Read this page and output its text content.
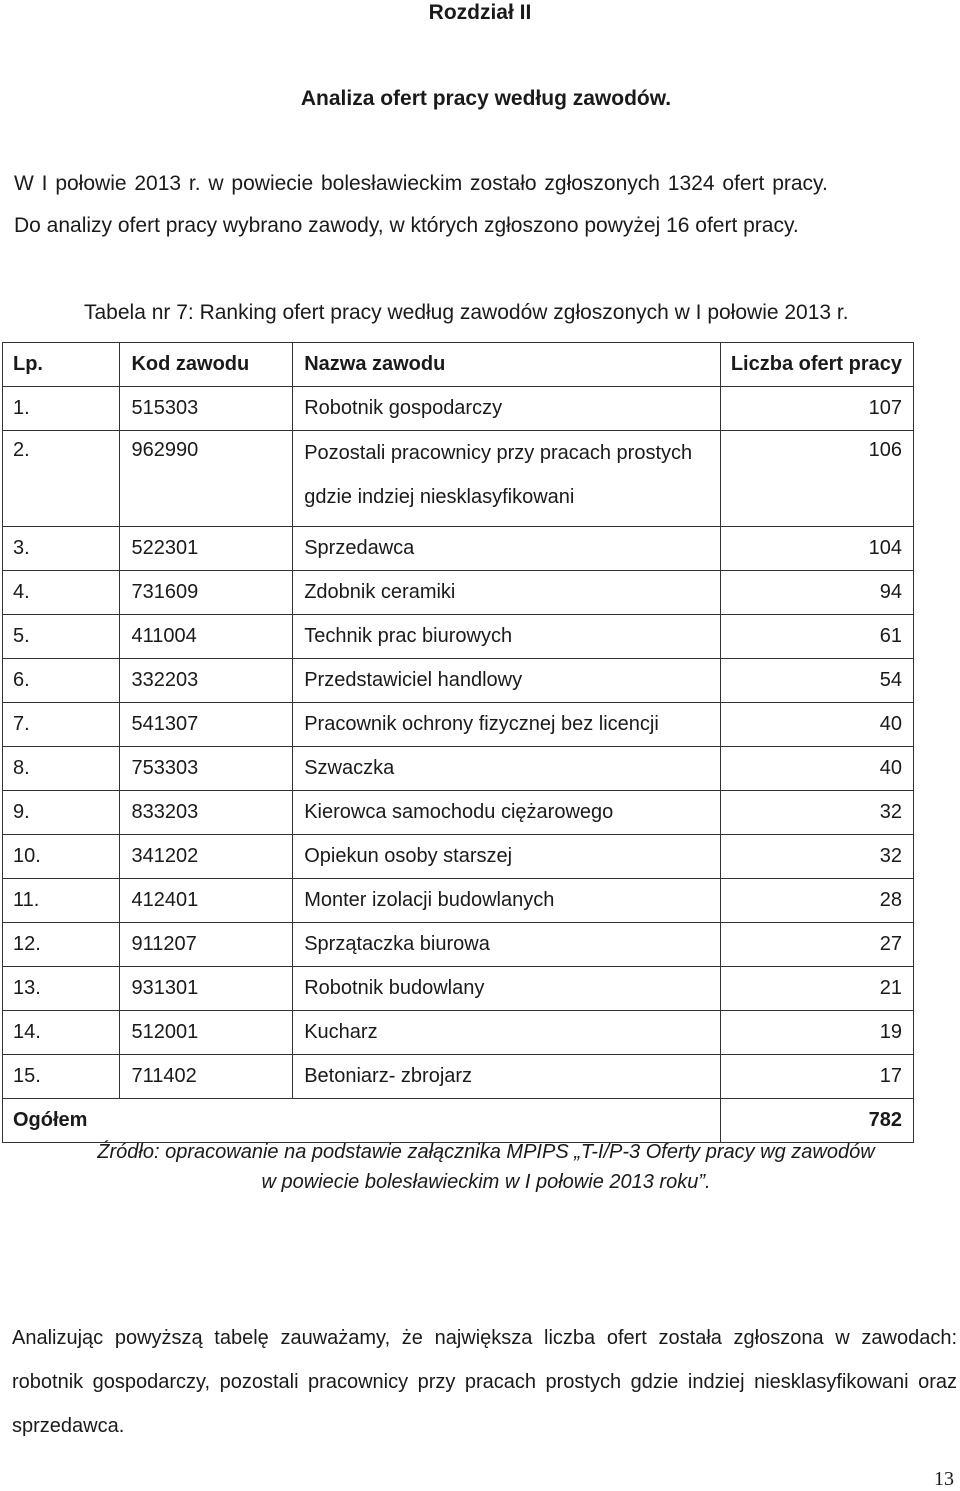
Rozdział II
Analiza ofert pracy według zawodów.
W I połowie 2013 r. w powiecie bolesławieckim zostało zgłoszonych 1324 ofert pracy.
Do analizy ofert pracy wybrano zawody, w których zgłoszono powyżej 16 ofert pracy.
Tabela nr 7: Ranking ofert pracy według zawodów zgłoszonych w I połowie 2013 r.
Lp.	Kod zawodu	Nazwa zawodu	Liczba ofert pracy
1.	515303	Robotnik gospodarczy	107
2.	962990	Pozostali pracownicy przy pracach prostych gdzie indziej niesklasyfikowani	106
3.	522301	Sprzedawca	104
4.	731609	Zdobnik ceramiki	94
5.	411004	Technik prac biurowych	61
6.	332203	Przedstawiciel handlowy	54
7.	541307	Pracownik ochrony fizycznej bez licencji	40
8.	753303	Szwaczka	40
9.	833203	Kierowca samochodu ciężarowego	32
10.	341202	Opiekun osoby starszej	32
11.	412401	Monter izolacji budowlanych	28
12.	911207	Sprzątaczka biurowa	27
13.	931301	Robotnik budowlany	21
14.	512001	Kucharz	19
15.	711402	Betoniarz- zbrojarz	17
Ogółem			782
Źródło: opracowanie na podstawie załącznika MPIPS „T-I/P-3 Oferty pracy wg zawodów
w powiecie bolesławieckim w I połowie 2013 roku”.
Analizując powyższą tabelę zauważamy, że największa liczba ofert została zgłoszona w zawodach: robotnik gospodarczy, pozostali pracownicy przy pracach prostych gdzie indziej niesklasyfikowani oraz sprzedawca.
13
